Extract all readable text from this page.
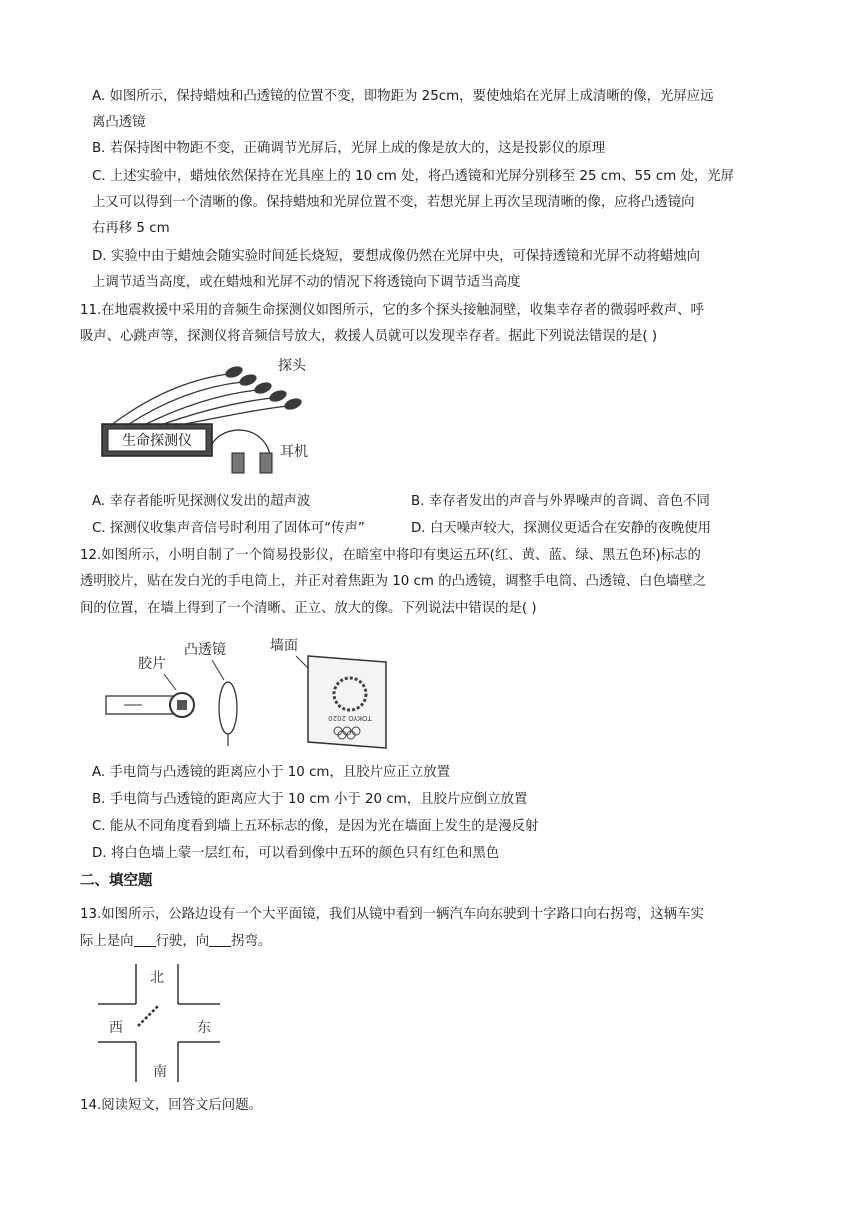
A. 如图所示，保持蜡烛和凸透镜的位置不变，即物距为 25cm，要使烛焰在光屏上成清晰的像，光屏应远
离凸透镜
B. 若保持图中物距不变，正确调节光屏后，光屏上成的像是放大的，这是投影仪的原理
C. 上述实验中，蜡烛依然保持在光具座上的 10 cm 处，将凸透镜和光屏分别移至 25 cm、55 cm 处，光屏
上又可以得到一个清晰的像。保持蜡烛和光屏位置不变，若想光屏上再次呈现清晰的像，应将凸透镜向
右再移 5 cm
D. 实验中由于蜡烛会随实验时间延长烧短，要想成像仍然在光屏中央，可保持透镜和光屏不动将蜡烛向
上调节适当高度，或在蜡烛和光屏不动的情况下将透镜向下调节适当高度
11.在地震救援中采用的音频生命探测仪如图所示，它的多个探头接触洞壁，收集幸存者的微弱呼救声、呼
吸声、心跳声等，探测仪将音频信号放大，救援人员就可以发现幸存者。据此下列说法错误的是( )
生命探测仪
探头
耳机
A. 幸存者能听见探测仪发出的超声波	B. 幸存者发出的声音与外界噪声的音调、音色不同
C. 探测仪收集声音信号时利用了固体可“传声”	D. 白天噪声较大，探测仪更适合在安静的夜晚使用
12.如图所示，小明自制了一个简易投影仪，在暗室中将印有奥运五环(红、黄、蓝、绿、黑五色环)标志的
透明胶片，贴在发白光的手电筒上，并正对着焦距为 10 cm 的凸透镜，调整手电筒、凸透镜、白色墙壁之
间的位置，在墙上得到了一个清晰、正立、放大的像。下列说法中错误的是( )
胶片
凸透镜	墙面
TOKYO 2020
A. 手电筒与凸透镜的距离应小于 10 cm，且胶片应正立放置
B. 手电筒与凸透镜的距离应大于 10 cm 小于 20 cm，且胶片应倒立放置
C. 能从不同角度看到墙上五环标志的像，是因为光在墙面上发生的是漫反射
D. 将白色墙上蒙一层红布，可以看到像中五环的颜色只有红色和黑色
二、填空题
13.如图所示，公路边设有一个大平面镜，我们从镜中看到一辆汽车向东驶到十字路口向右拐弯，这辆车实
际上是向 行驶，向 拐弯。
北
西	东
南
14.阅读短文，回答文后问题。
